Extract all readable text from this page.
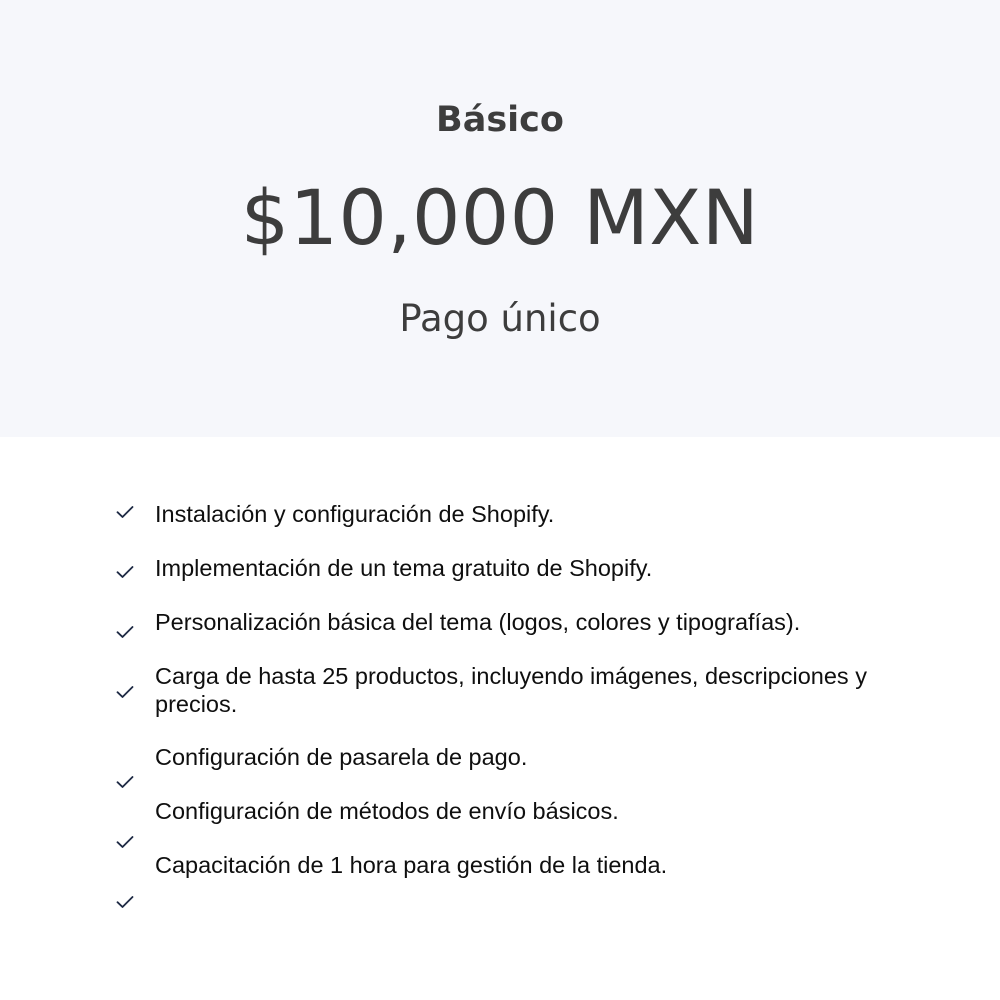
Básico
$10,000 MXN
Pago único
Instalación y configuración de Shopify.
Implementación de un tema gratuito de Shopify.
Personalización básica del tema (logos, colores y tipografías).
Carga de hasta 25 productos, incluyendo imágenes, descripciones y precios.
Configuración de pasarela de pago.
Configuración de métodos de envío básicos.
Capacitación de 1 hora para gestión de la tienda.
